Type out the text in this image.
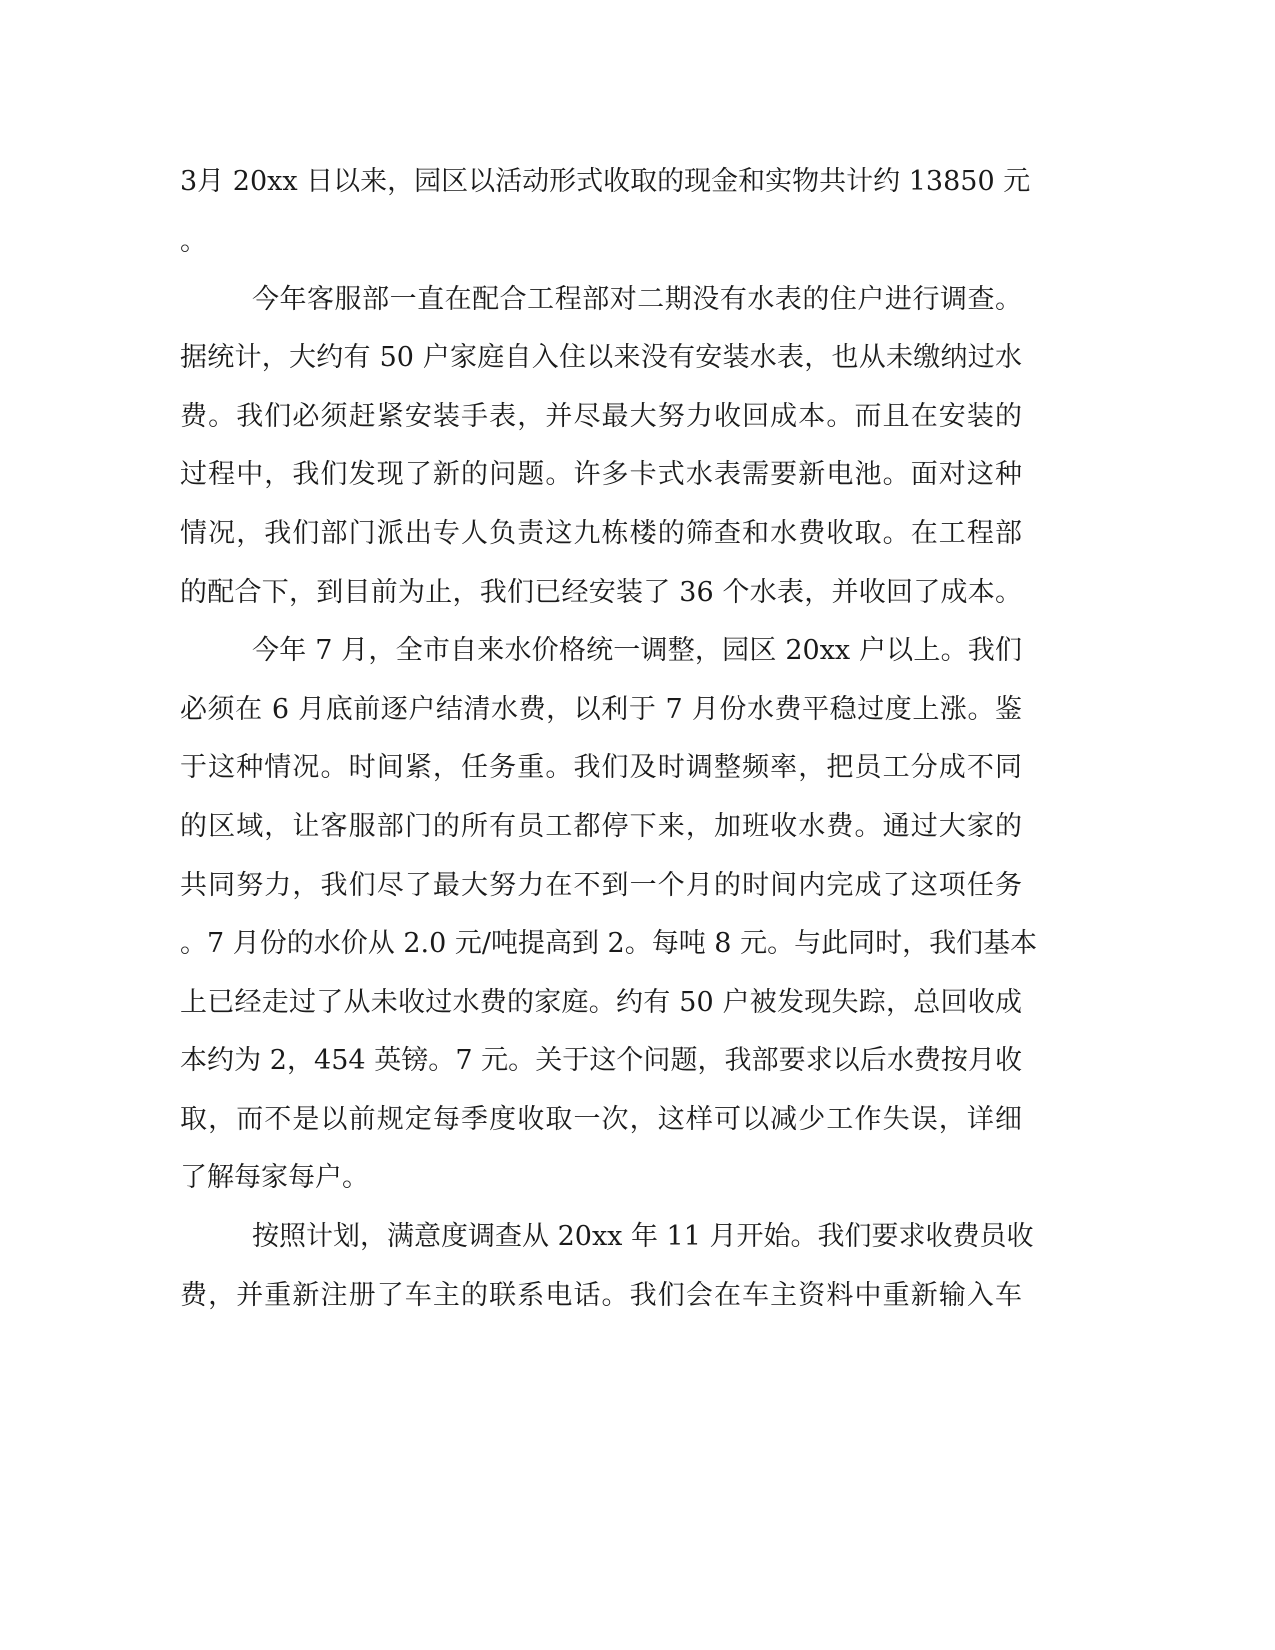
3月 20xx 日以来，园区以活动形式收取的现金和实物共计约 13850 元
。
今年客服部一直在配合工程部对二期没有水表的住户进行调查。
据统计，大约有 50 户家庭自入住以来没有安装水表，也从未缴纳过水
费。我们必须赶紧安装手表，并尽最大努力收回成本。而且在安装的
过程中，我们发现了新的问题。许多卡式水表需要新电池。面对这种
情况，我们部门派出专人负责这九栋楼的筛查和水费收取。在工程部
的配合下，到目前为止，我们已经安装了 36 个水表，并收回了成本。
今年 7 月，全市自来水价格统一调整，园区 20xx 户以上。我们
必须在 6 月底前逐户结清水费，以利于 7 月份水费平稳过度上涨。鉴
于这种情况。时间紧，任务重。我们及时调整频率，把员工分成不同
的区域，让客服部门的所有员工都停下来，加班收水费。通过大家的
共同努力，我们尽了最大努力在不到一个月的时间内完成了这项任务
。7 月份的水价从 2.0 元/吨提高到 2。每吨 8 元。与此同时，我们基本
上已经走过了从未收过水费的家庭。约有 50 户被发现失踪，总回收成
本约为 2，454 英镑。7 元。关于这个问题，我部要求以后水费按月收
取，而不是以前规定每季度收取一次，这样可以减少工作失误，详细
了解每家每户。
按照计划，满意度调查从 20xx 年 11 月开始。我们要求收费员收
费，并重新注册了车主的联系电话。我们会在车主资料中重新输入车
